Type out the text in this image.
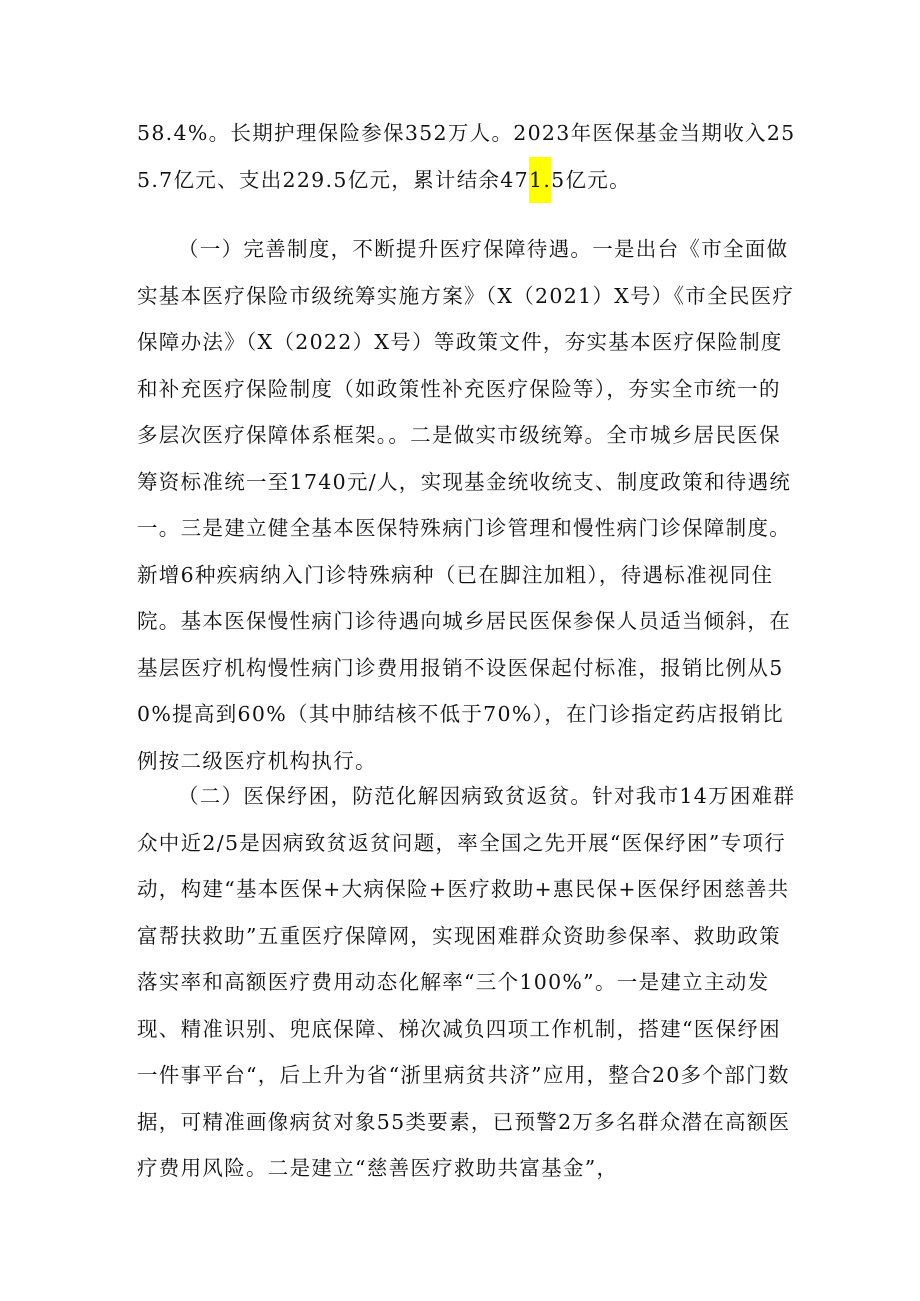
58.4%。长期护理保险参保352万人。2023年医保基金当期收入255.7亿元、支出229.5亿元，累计结余471.5亿元。

（一）完善制度，不断提升医疗保障待遇。一是出台《市全面做实基本医疗保险市级统筹实施方案》（X（2021）X号）《市全民医疗保障办法》（X（2022）X号）等政策文件，夯实基本医疗保险制度和补充医疗保险制度（如政策性补充医疗保险等），夯实全市统一的多层次医疗保障体系框架。。二是做实市级统筹。全市城乡居民医保筹资标准统一至1740元/人，实现基金统收统支、制度政策和待遇统一。三是建立健全基本医保特殊病门诊管理和慢性病门诊保障制度。新增6种疾病纳入门诊特殊病种（已在脚注加粗），待遇标准视同住院。基本医保慢性病门诊待遇向城乡居民医保参保人员适当倾斜，在基层医疗机构慢性病门诊费用报销不设医保起付标准，报销比例从50%提高到60%（其中肺结核不低于70%），在门诊指定药店报销比例按二级医疗机构执行。

（二）医保纾困，防范化解因病致贫返贫。针对我市14万困难群众中近2/5是因病致贫返贫问题，率全国之先开展“医保纾困”专项行动，构建“基本医保+大病保险+医疗救助+惠民保+医保纾困慈善共富帮扶救助”五重医疗保障网，实现困难群众资助参保率、救助政策落实率和高额医疗费用动态化解率“三个100%”。一是建立主动发现、精准识别、兜底保障、梯次减负四项工作机制，搭建“医保纾困一件事平台“，后上升为省“浙里病贫共济”应用，整合20多个部门数据，可精准画像病贫对象55类要素，已预警2万多名群众潜在高额医疗费用风险。二是建立“慈善医疗救助共富基金”，
